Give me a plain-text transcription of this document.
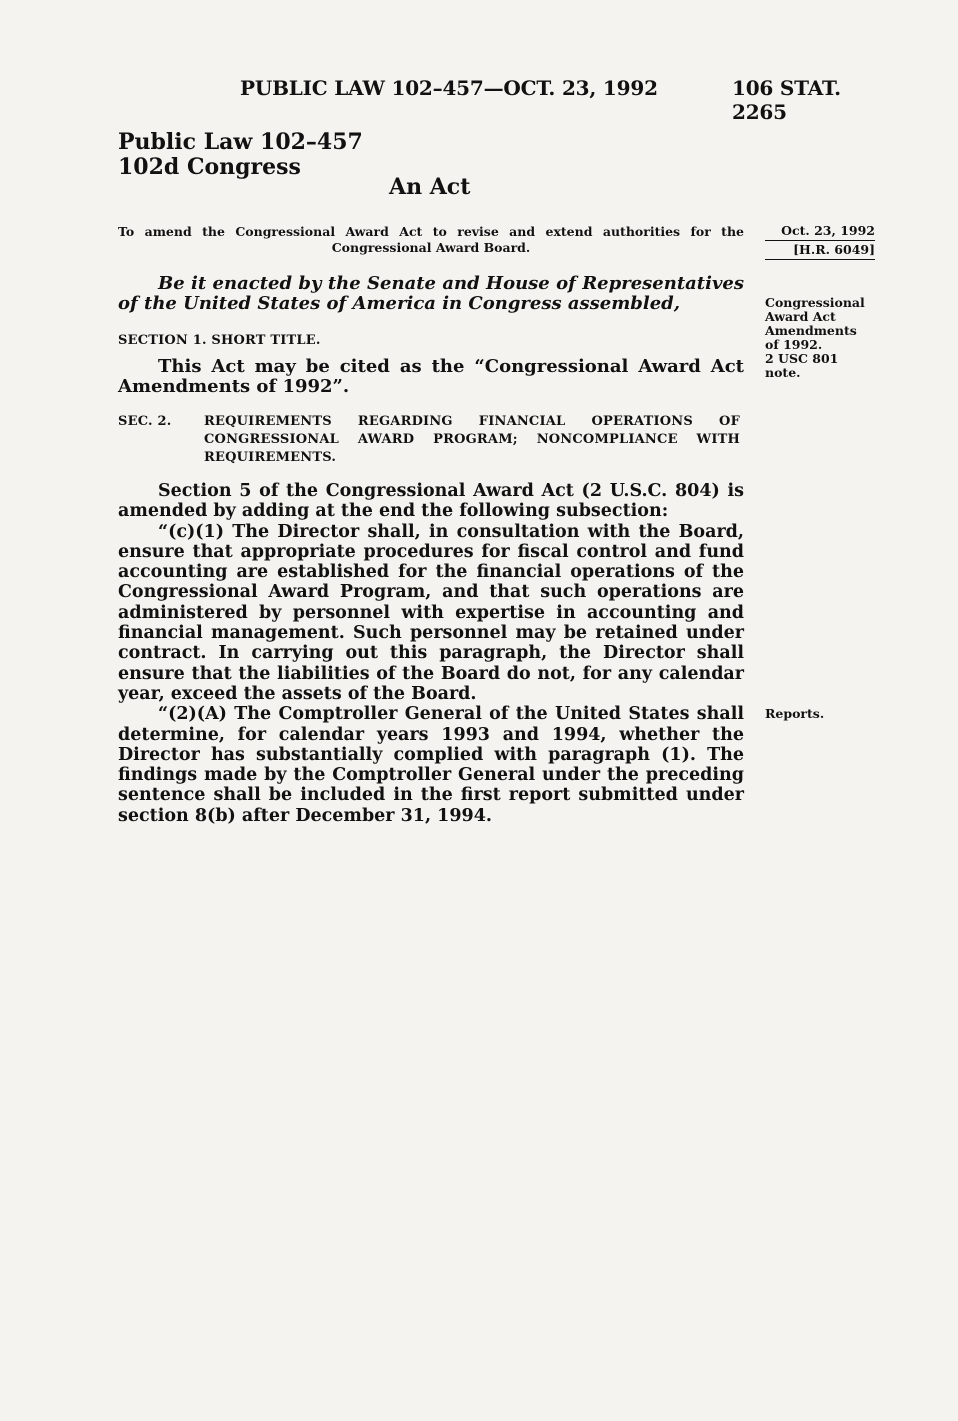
PUBLIC LAW 102–457—OCT. 23, 1992	106 STAT. 2265
Public Law 102–457
102d Congress
An Act
To amend the Congressional Award Act to revise and extend authorities for the Congressional Award Board.
Oct. 23, 1992
[H.R. 6049]
Be it enacted by the Senate and House of Representatives of the United States of America in Congress assembled,	Congressional
Award Act
Amendments
of 1992.
2 USC 801
note.
SECTION 1. SHORT TITLE.
This Act may be cited as the “Congressional Award Act Amendments of 1992”.
SEC. 2.	REQUIREMENTS REGARDING FINANCIAL OPERATIONS OF CONGRESSIONAL AWARD PROGRAM; NONCOMPLIANCE WITH REQUIREMENTS.

Section 5 of the Congressional Award Act (2 U.S.C. 804) is amended by adding at the end the following subsection:

“(c)(1) The Director shall, in consultation with the Board, ensure that appropriate procedures for fiscal control and fund accounting are established for the financial operations of the Congressional Award Program, and that such operations are administered by personnel with expertise in accounting and financial management. Such personnel may be retained under contract. In carrying out this paragraph, the Director shall ensure that the liabilities of the Board do not, for any calendar year, exceed the assets of the Board.

“(2)(A) The Comptroller General of the United States shall determine, for calendar years 1993 and 1994, whether the Director has substantially complied with paragraph (1). The findings made by the Comptroller General under the preceding sentence shall be included in the first report submitted under section 8(b) after December 31, 1994.

Reports.
